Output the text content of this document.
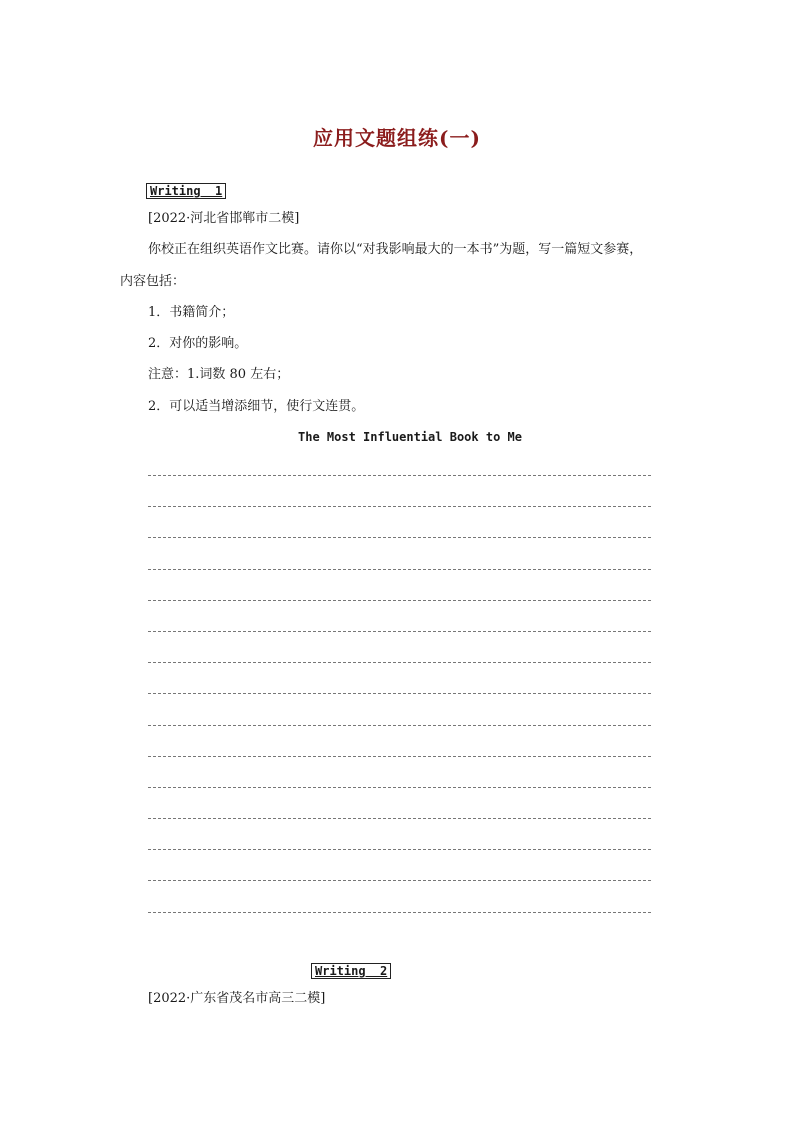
应用文题组练(一)
Writing  1
[2022·河北省邯郸市二模]
你校正在组织英语作文比赛。请你以“对我影响最大的一本书”为题，写一篇短文参赛，
内容包括：
1．书籍简介；
2．对你的影响。
注意：1.词数 80 左右；
2．可以适当增添细节，使行文连贯。
The Most Influential Book to Me
Writing  2
[2022·广东省茂名市高三二模]
